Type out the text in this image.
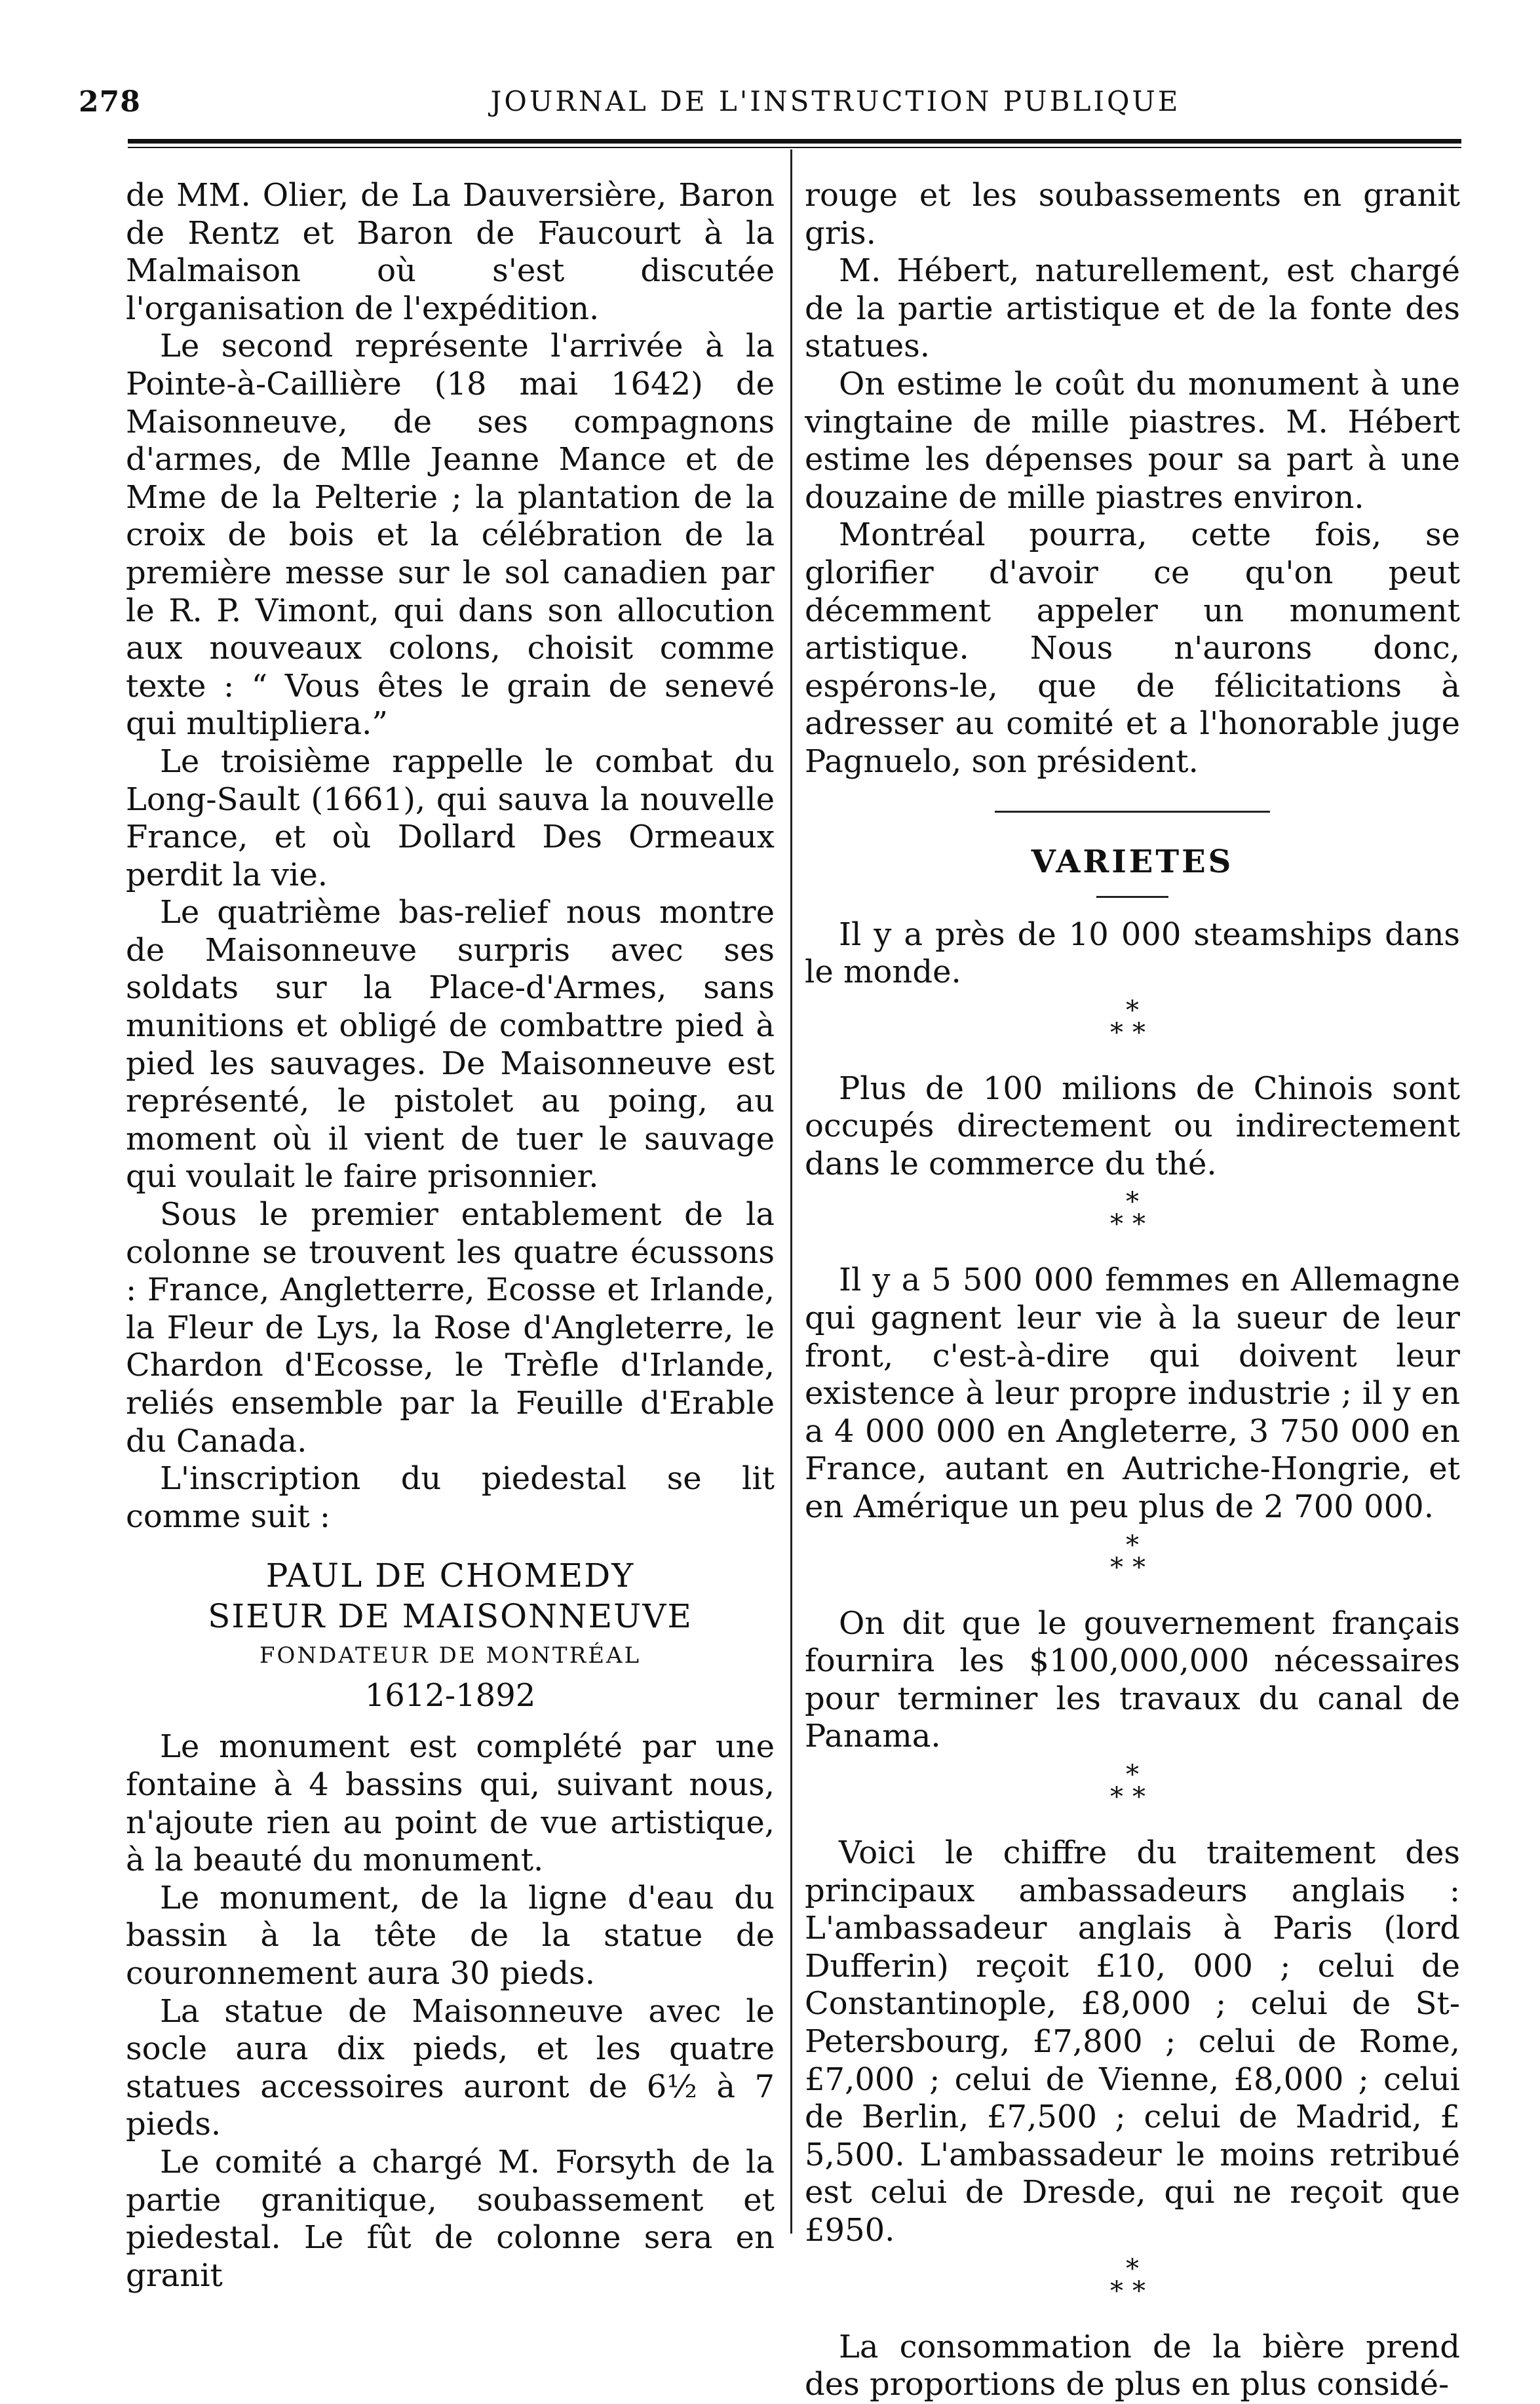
278	JOURNAL DE L'INSTRUCTION PUBLIQUE

de MM. Olier, de La Dauversière, Baron de Rentz et Baron de Faucourt à la Malmaison où s'est discutée l'organisation de l'expédition.

Le second représente l'arrivée à la Pointe-à-Caillière (18 mai 1642) de Maisonneuve, de ses compagnons d'armes, de Mlle Jeanne Mance et de Mme de la Pelterie ; la plantation de la croix de bois et la célébration de la première messe sur le sol canadien par le R. P. Vimont, qui dans son allocution aux nouveaux colons, choisit comme texte : “ Vous êtes le grain de senevé qui multipliera.”

Le troisième rappelle le combat du Long-Sault (1661), qui sauva la nouvelle France, et où Dollard Des Ormeaux perdit la vie.

Le quatrième bas-relief nous montre de Maisonneuve surpris avec ses soldats sur la Place-d'Armes, sans munitions et obligé de combattre pied à pied les sauvages. De Maisonneuve est représenté, le pistolet au poing, au moment où il vient de tuer le sauvage qui voulait le faire prisonnier.

Sous le premier entablement de la colonne se trouvent les quatre écussons : France, Angletterre, Ecosse et Irlande, la Fleur de Lys, la Rose d'Angleterre, le Chardon d'Ecosse, le Trèfle d'Irlande, reliés ensemble par la Feuille d'Erable du Canada.

L'inscription du piedestal se lit comme suit :

PAUL DE CHOMEDY
SIEUR DE MAISONNEUVE
FONDATEUR DE MONTRÉAL
1612-1892

Le monument est complété par une fontaine à 4 bassins qui, suivant nous, n'ajoute rien au point de vue artistique, à la beauté du monument.

Le monument, de la ligne d'eau du bassin à la tête de la statue de couronnement aura 30 pieds.

La statue de Maisonneuve avec le socle aura dix pieds, et les quatre statues accessoires auront de 6½ à 7 pieds.

Le comité a chargé M. Forsyth de la partie granitique, soubassement et piedestal. Le fût de colonne sera en granit

rouge et les soubassements en granit gris.

M. Hébert, naturellement, est chargé de la partie artistique et de la fonte des statues.

On estime le coût du monument à une vingtaine de mille piastres. M. Hébert estime les dépenses pour sa part à une douzaine de mille piastres environ.

Montréal pourra, cette fois, se glorifier d'avoir ce qu'on peut décemment appeler un monument artistique. Nous n'aurons donc, espérons-le, que de félicitations à adresser au comité et a l'honorable juge Pagnuelo, son président.

VARIETES

Il y a près de 10 000 steamships dans le monde.

*
**

Plus de 100 milions de Chinois sont occupés directement ou indirectement dans le commerce du thé.

*
**

Il y a 5 500 000 femmes en Allemagne qui gagnent leur vie à la sueur de leur front, c'est-à-dire qui doivent leur existence à leur propre industrie ; il y en a 4 000 000 en Angleterre, 3 750 000 en France, autant en Autriche-Hongrie, et en Amérique un peu plus de 2 700 000.

*
**

On dit que le gouvernement français fournira les $100,000,000 nécessaires pour terminer les travaux du canal de Panama.

*
**

Voici le chiffre du traitement des principaux ambassadeurs anglais : L'ambassadeur anglais à Paris (lord Dufferin) reçoit £10, 000 ; celui de Constantinople, £8,000 ; celui de St-Petersbourg, £7,800 ; celui de Rome, £7,000 ; celui de Vienne, £8,000 ; celui de Berlin, £7,500 ; celui de Madrid, £ 5,500. L'ambassadeur le moins retribué est celui de Dresde, qui ne reçoit que £950.

*
**

La consommation de la bière prend des proportions de plus en plus considé-
